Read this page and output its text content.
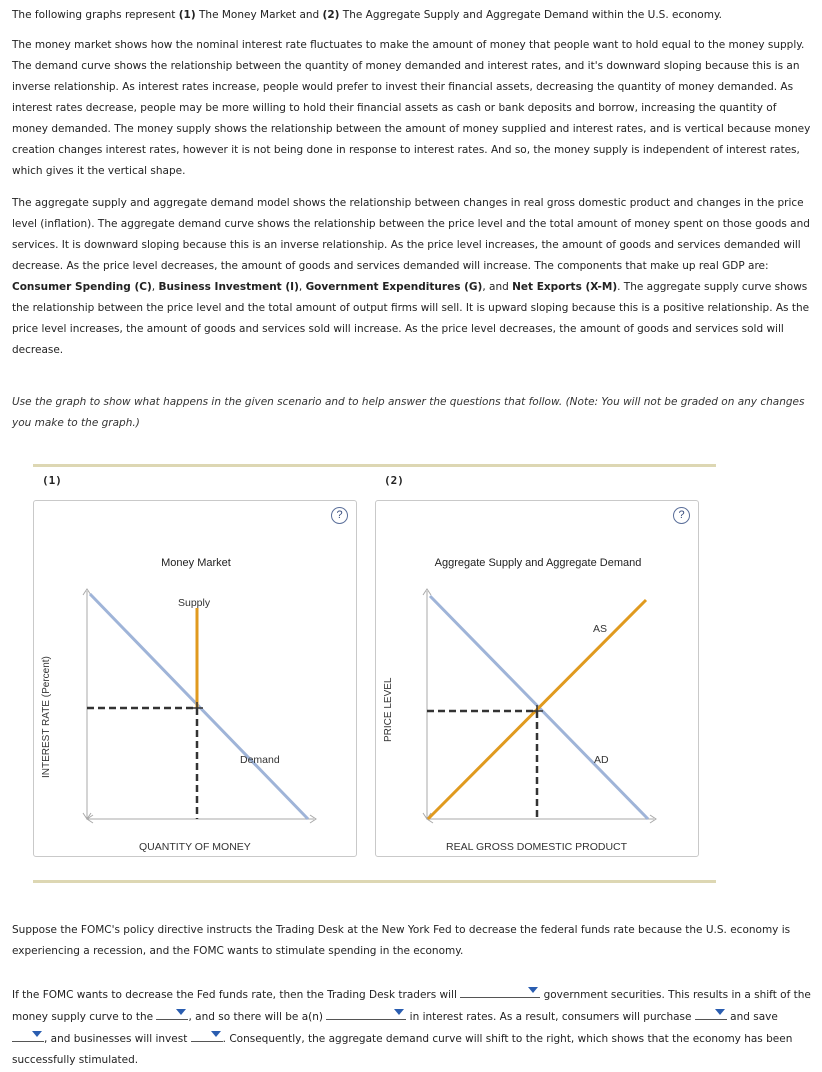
The following graphs represent (1) The Money Market and (2) The Aggregate Supply and Aggregate Demand within the U.S. economy.

The money market shows how the nominal interest rate fluctuates to make the amount of money that people want to hold equal to the money supply. The demand curve shows the relationship between the quantity of money demanded and interest rates, and it's downward sloping because this is an inverse relationship. As interest rates increase, people would prefer to invest their financial assets, decreasing the quantity of money demanded. As interest rates decrease, people may be more willing to hold their financial assets as cash or bank deposits and borrow, increasing the quantity of money demanded. The money supply shows the relationship between the amount of money supplied and interest rates, and is vertical because money creation changes interest rates, however it is not being done in response to interest rates. And so, the money supply is independent of interest rates, which gives it the vertical shape.

The aggregate supply and aggregate demand model shows the relationship between changes in real gross domestic product and changes in the price level (inflation). The aggregate demand curve shows the relationship between the price level and the total amount of money spent on those goods and services. It is downward sloping because this is an inverse relationship. As the price level increases, the amount of goods and services demanded will decrease. As the price level decreases, the amount of goods and services demanded will increase. The components that make up real GDP are: Consumer Spending (C), Business Investment (I), Government Expenditures (G), and Net Exports (X-M). The aggregate supply curve shows the relationship between the price level and the total amount of output firms will sell. It is upward sloping because this is a positive relationship. As the price level increases, the amount of goods and services sold will increase. As the price level decreases, the amount of goods and services sold will decrease.

Use the graph to show what happens in the given scenario and to help answer the questions that follow. (Note: You will not be graded on any changes you make to the graph.)

(1)	(2)
?
Money Market
Supply
Demand
QUANTITY OF MONEY
INTEREST RATE (Percent)
?
Aggregate Supply and Aggregate Demand
AS
AD
REAL GROSS DOMESTIC PRODUCT
PRICE LEVEL

Suppose the FOMC's policy directive instructs the Trading Desk at the New York Fed to decrease the federal funds rate because the U.S. economy is experiencing a recession, and the FOMC wants to stimulate spending in the economy.

If the FOMC wants to decrease the Fed funds rate, then the Trading Desk traders will	government securities. This results in a shift of the money supply curve to the	, and so there will be a(n)	in interest rates. As a result, consumers will purchase	and save
, and businesses will invest	. Consequently, the aggregate demand curve will shift to the right, which shows that the economy has been successfully stimulated.
